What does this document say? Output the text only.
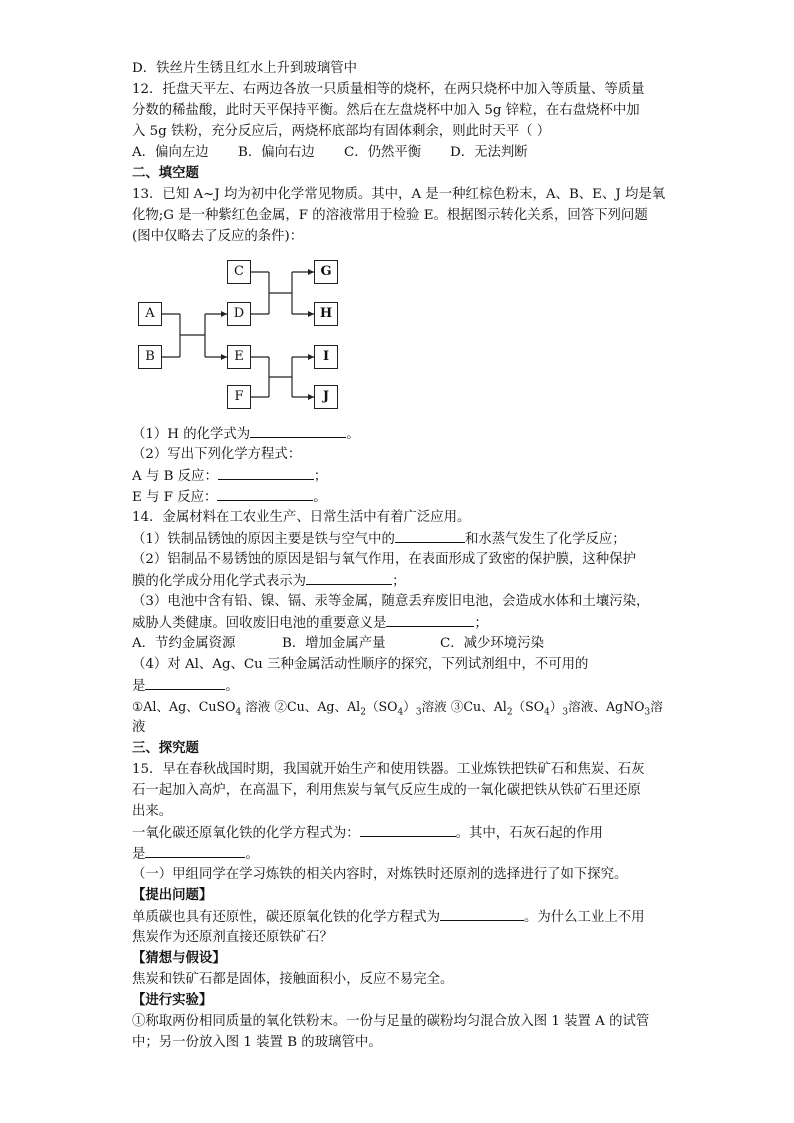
D．铁丝片生锈且红水上升到玻璃管中
12．托盘天平左、右两边各放一只质量相等的烧杯，在两只烧杯中加入等质量、等质量
分数的稀盐酸，此时天平保持平衡。然后在左盘烧杯中加入 5g 锌粒，在右盘烧杯中加
入 5g 铁粉，充分反应后，两烧杯底部均有固体剩余，则此时天平（ ）
A．偏向左边 B．偏向右边 C．仍然平衡 D．无法判断
二、填空题
13．已知 A~J 均为初中化学常见物质。其中，A 是一种红棕色粉末，A、B、E、J 均是氧
化物;G 是一种紫红色金属，F 的溶液常用于检验 E。根据图示转化关系，回答下列问题
(图中仅略去了反应的条件)：
A
B
C
D
E
F
G
H
I
J
（1）H 的化学式为	。
（2）写出下列化学方程式：
A 与 B 反应：	；
E 与 F 反应：	。
14．金属材料在工农业生产、日常生活中有着广泛应用。
（1）铁制品锈蚀的原因主要是铁与空气中的	和水蒸气发生了化学反应；
（2）铝制品不易锈蚀的原因是铝与氧气作用，在表面形成了致密的保护膜，这种保护
膜的化学成分用化学式表示为	；
（3）电池中含有铅、镍、镉、汞等金属，随意丢弃废旧电池，会造成水体和土壤污染，
威胁人类健康。回收废旧电池的重要意义是	；
A．节约金属资源	B．增加金属产量	C．减少环境污染
（4）对 Al、Ag、Cu 三种金属活动性顺序的探究，下列试剂组中，不可用的
是	。
①Al、Ag、CuSO$_4$ 溶液 ②Cu、Ag、$Al_2(SO_4)_3$溶液 ③Cu、$Al_2(SO_4)_3$溶液、AgNO$_3$溶
液
三、探究题
15．早在春秋战国时期，我国就开始生产和使用铁器。工业炼铁把铁矿石和焦炭、石灰
石一起加入高炉，在高温下，利用焦炭与氧气反应生成的一氧化碳把铁从铁矿石里还原
出来。
一氧化碳还原氧化铁的化学方程式为：	。其中，石灰石起的作用
是	。
（一）甲组同学在学习炼铁的相关内容时，对炼铁时还原剂的选择进行了如下探究。
【提出问题】
单质碳也具有还原性，碳还原氧化铁的化学方程式为	。为什么工业上不用
焦炭作为还原剂直接还原铁矿石？
【猜想与假设】
焦炭和铁矿石都是固体，接触面积小，反应不易完全。
【进行实验】
①称取两份相同质量的氧化铁粉末。一份与足量的碳粉均匀混合放入图 1 装置 A 的试管
中；另一份放入图 1 装置 B 的玻璃管中。
